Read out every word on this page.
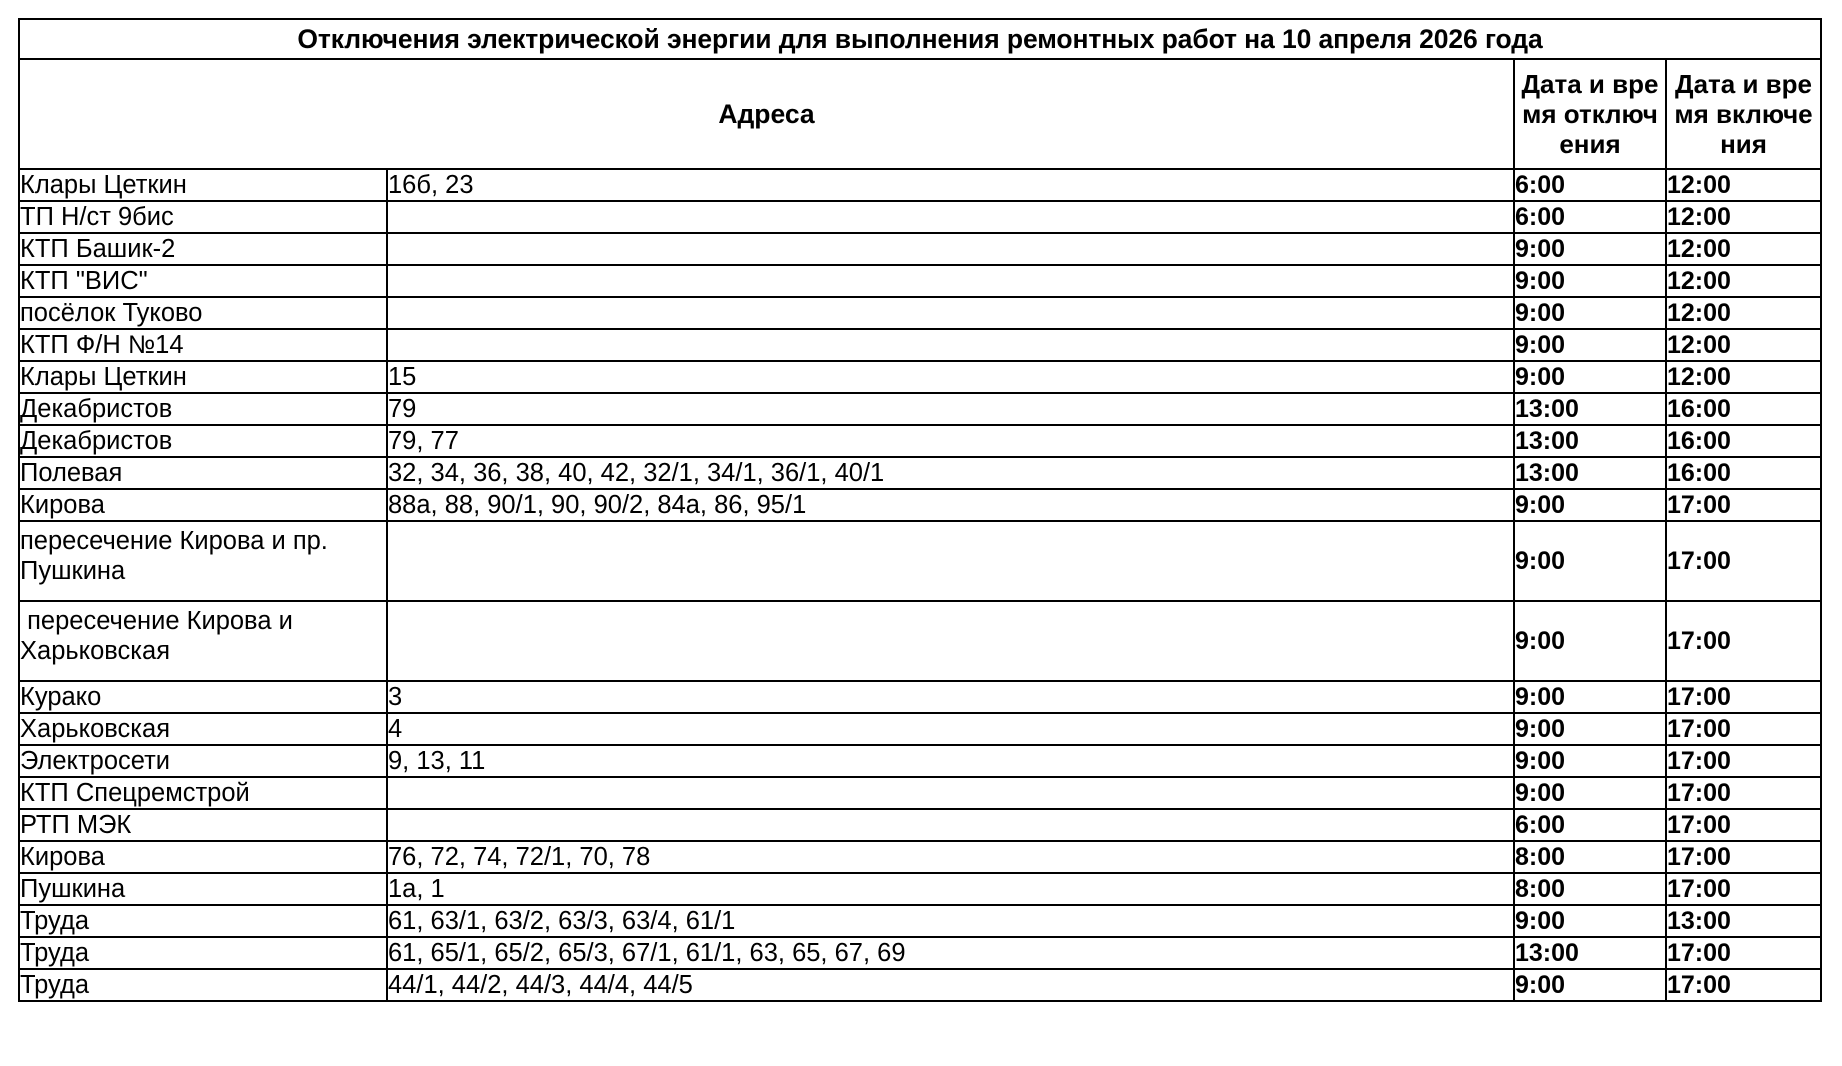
Отключения электрической энергии для выполнения ремонтных работ на 10 апреля 2026 года			
Адреса		Дата и время отключения	Дата и время включения
Клары Цеткин	16б, 23	6:00	12:00
ТП Н/ст 9бис		6:00	12:00
КТП Башик-2		9:00	12:00
КТП "ВИС"		9:00	12:00
посёлок Туково		9:00	12:00
КТП Ф/Н №14		9:00	12:00
Клары Цеткин	15	9:00	12:00
Декабристов	79	13:00	16:00
Декабристов	79, 77	13:00	16:00
Полевая	32, 34, 36, 38, 40, 42, 32/1, 34/1, 36/1, 40/1	13:00	16:00
Кирова	88а, 88, 90/1, 90, 90/2, 84а, 86, 95/1	9:00	17:00
пересечение Кирова и пр. Пушкина		9:00	17:00
пересечение Кирова и Харьковская		9:00	17:00
Курако	3	9:00	17:00
Харьковская	4	9:00	17:00
Электросети	9, 13, 11	9:00	17:00
КТП Спецремстрой		9:00	17:00
РТП МЭК		6:00	17:00
Кирова	76, 72, 74, 72/1, 70, 78	8:00	17:00
Пушкина	1а, 1	8:00	17:00
Труда	61, 63/1, 63/2, 63/3, 63/4, 61/1	9:00	13:00
Труда	61, 65/1, 65/2, 65/3, 67/1, 61/1, 63, 65, 67, 69	13:00	17:00
Труда	44/1, 44/2, 44/3, 44/4, 44/5	9:00	17:00
